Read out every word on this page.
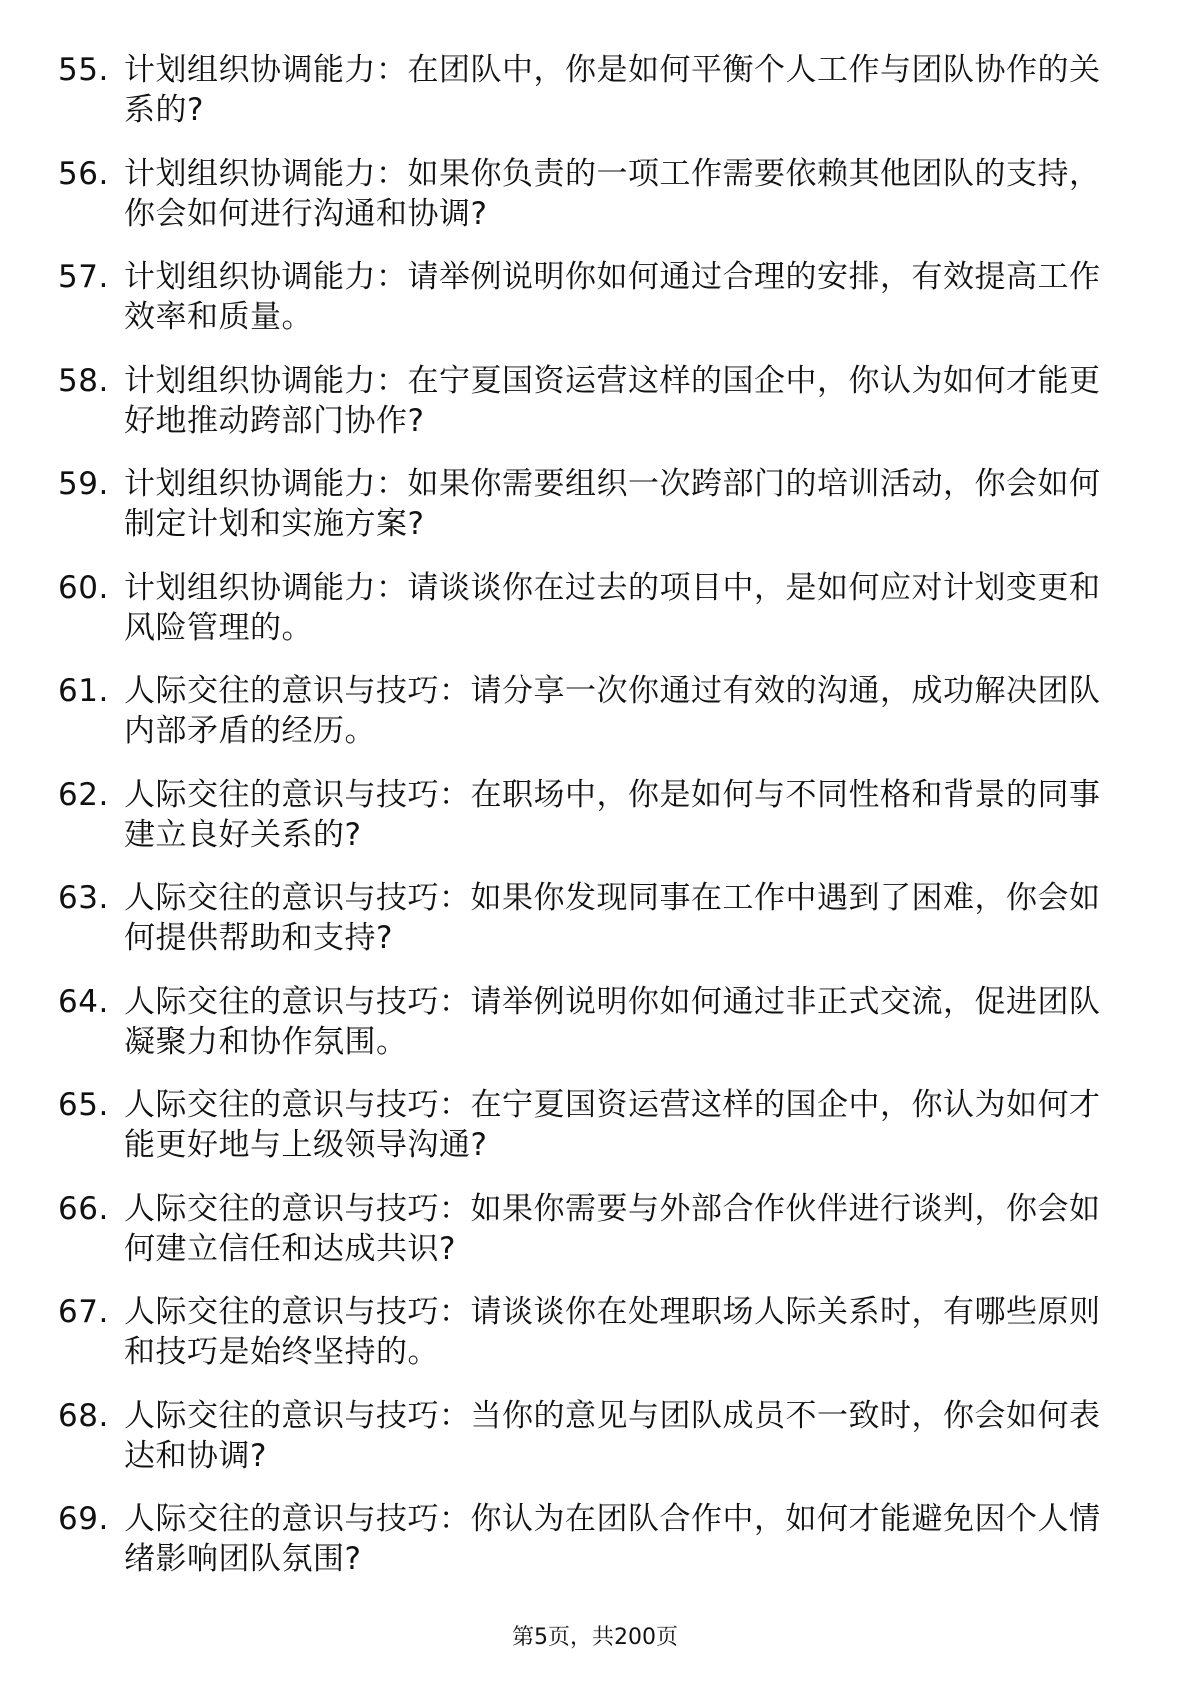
55. 计划组织协调能力：在团队中，你是如何平衡个人工作与团队协作的关系的?
56. 计划组织协调能力：如果你负责的一项工作需要依赖其他团队的支持，你会如何进行沟通和协调?
57. 计划组织协调能力：请举例说明你如何通过合理的安排，有效提高工作效率和质量。
58. 计划组织协调能力：在宁夏国资运营这样的国企中，你认为如何才能更好地推动跨部门协作?
59. 计划组织协调能力：如果你需要组织一次跨部门的培训活动，你会如何制定计划和实施方案?
60. 计划组织协调能力：请谈谈你在过去的项目中，是如何应对计划变更和风险管理的。
61. 人际交往的意识与技巧：请分享一次你通过有效的沟通，成功解决团队内部矛盾的经历。
62. 人际交往的意识与技巧：在职场中，你是如何与不同性格和背景的同事建立良好关系的?
63. 人际交往的意识与技巧：如果你发现同事在工作中遇到了困难，你会如何提供帮助和支持?
64. 人际交往的意识与技巧：请举例说明你如何通过非正式交流，促进团队凝聚力和协作氛围。
65. 人际交往的意识与技巧：在宁夏国资运营这样的国企中，你认为如何才能更好地与上级领导沟通?
66. 人际交往的意识与技巧：如果你需要与外部合作伙伴进行谈判，你会如何建立信任和达成共识?
67. 人际交往的意识与技巧：请谈谈你在处理职场人际关系时，有哪些原则和技巧是始终坚持的。
68. 人际交往的意识与技巧：当你的意见与团队成员不一致时，你会如何表达和协调?
69. 人际交往的意识与技巧：你认为在团队合作中，如何才能避免因个人情绪影响团队氛围?
第5页，共200页
